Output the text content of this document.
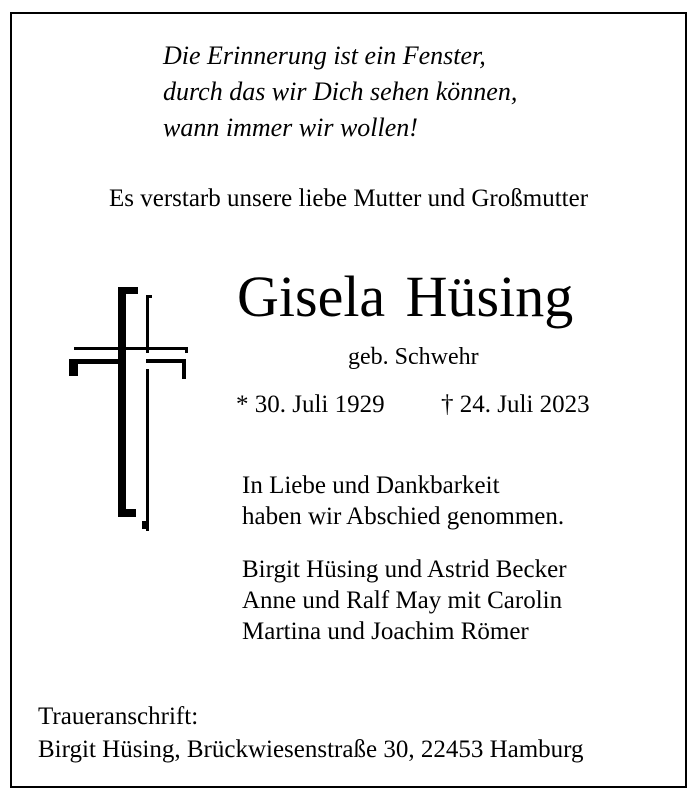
Die Erinnerung ist ein Fenster,
durch das wir Dich sehen können,
wann immer wir wollen!
Es verstarb unsere liebe Mutter und Großmutter
Gisela Hüsing
geb. Schwehr
* 30. Juli 1929 † 24. Juli 2023
In Liebe und Dankbarkeit
haben wir Abschied genommen.
Birgit Hüsing und Astrid Becker
Anne und Ralf May mit Carolin
Martina und Joachim Römer
Traueranschrift:
Birgit Hüsing, Brückwiesenstraße 30, 22453 Hamburg
